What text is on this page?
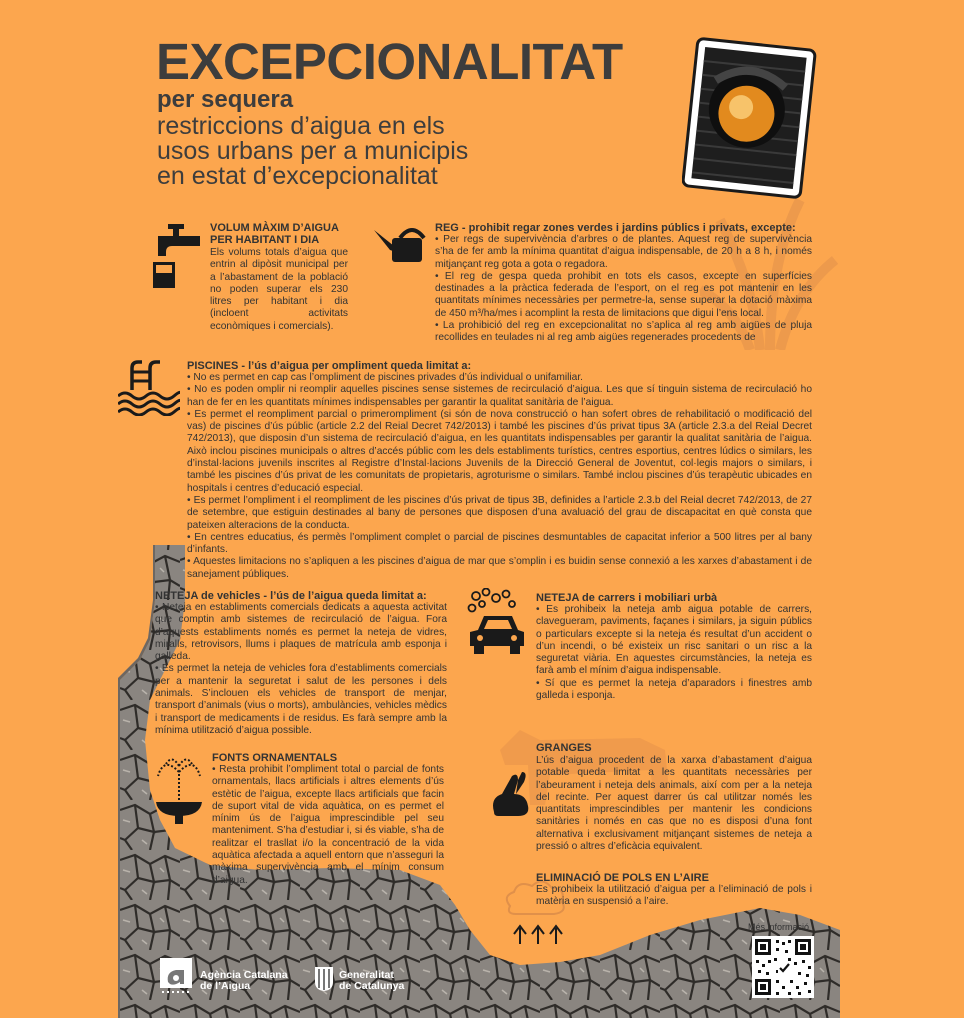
EXCEPCIONALITAT
per sequera
restriccions d’aigua en els
usos urbans per a municipis
en estat d’excepcionalitat
VOLUM MÀXIM D’AIGUA
PER HABITANT I DIA
Els volums totals d’aigua que entrin al dipòsit municipal per a l’abastament de la població no poden superar els 230 litres per habitant i dia (incloent activitats econòmiques i comercials).
REG - prohibit regar zones verdes i jardins públics i privats, excepte:

• Per regs de supervivència d’arbres o de plantes. Aquest reg de supervivència s’ha de fer amb la mínima quantitat d’aigua indispensable, de 20 h a 8 h, i només mitjançant reg gota a gota o regadora.

• El reg de gespa queda prohibit en tots els casos, excepte en superfícies destinades a la pràctica federada de l’esport, on el reg es pot mantenir en les quantitats mínimes necessàries per permetre-la, sense superar la dotació màxima de 450 m³/ha/mes i acomplint la resta de limitacions que digui l’ens local.

• La prohibició del reg en excepcionalitat no s’aplica al reg amb aigües de pluja recollides en teulades ni al reg amb aigües regenerades procedents de

PISCINES - l’ús d’aigua per ompliment queda limitat a:

• No es permet en cap cas l’ompliment de piscines privades d’ús individual o unifamiliar.

• No es poden omplir ni reomplir aquelles piscines sense sistemes de recirculació d’aigua. Les que sí tinguin sistema de recirculació ho han de fer en les quantitats mínimes indispensables per garantir la qualitat sanitària de l’aigua.

• Es permet el reompliment parcial o primerompliment (si són de nova construcció o han sofert obres de rehabilitació o modificació del vas) de piscines d’ús públic (article 2.2 del Reial Decret 742/2013) i també les piscines d’ús privat tipus 3A (article 2.3.a del Reial Decret 742/2013), que disposin d’un sistema de recirculació d’aigua, en les quantitats indispensables per garantir la qualitat sanitària de l’aigua. Això inclou piscines municipals o altres d’accés públic com les dels establiments turístics, centres esportius, centres lúdics o similars, les d’instal·lacions juvenils inscrites al Registre d’Instal·lacions Juvenils de la Direcció General de Joventut, col·legis majors o similars, i també les piscines d’ús privat de les comunitats de propietaris, agroturisme o similars. També inclou piscines d’ús terapèutic ubicades en hospitals i centres d’educació especial.

• Es permet l’ompliment i el reompliment de les piscines d’ús privat de tipus 3B, definides a l’article 2.3.b del Reial decret 742/2013, de 27 de setembre, que estiguin destinades al bany de persones que disposen d’una avaluació del grau de discapacitat en què consta que pateixen alteracions de la conducta.

• En centres educatius, és permès l’ompliment complet o parcial de piscines desmuntables de capacitat inferior a 500 litres per al bany d’infants.

• Aquestes limitacions no s’apliquen a les piscines d’aigua de mar que s’omplin i es buidin sense connexió a les xarxes d’abastament i de sanejament públiques.

NETEJA de vehicles - l’ús de l’aigua queda limitat a:

• Neteja en establiments comercials dedicats a aquesta activitat que comptin amb sistemes de recirculació de l’aigua. Fora d’aquests establiments només es permet la neteja de vidres, miralls, retrovisors, llums i plaques de matrícula amb esponja i galleda.

• Es permet la neteja de vehicles fora d’establiments comercials per a mantenir la seguretat i salut de les persones i dels animals. S’inclouen els vehicles de transport de menjar, transport d’animals (vius o morts), ambulàncies, vehicles mèdics i transport de medicaments i de residus. Es farà sempre amb la mínima utilització d’aigua possible.

NETEJA de carrers i mobiliari urbà

• Es prohibeix la neteja amb aigua potable de carrers, clavegueram, paviments, façanes i similars, ja siguin públics o particulars excepte si la neteja és resultat d’un accident o d’un incendi, o bé existeix un risc sanitari o un risc a la seguretat viària. En aquestes circumstàncies, la neteja es farà amb el mínim d’aigua indispensable.

• Sí que es permet la neteja d’aparadors i finestres amb galleda i esponja.

FONTS ORNAMENTALS
• Resta prohibit l’ompliment total o parcial de fonts ornamentals, llacs artificials i altres elements d’ús estètic de l’aigua, excepte llacs artificials que facin de suport vital de vida aquàtica, on es permet el mínim ús de l’aigua imprescindible pel seu manteniment. S’ha d’estudiar i, si és viable, s’ha de realitzar el trasllat i/o la concentració de la vida aquàtica afectada a aquell entorn que n’asseguri la màxima supervivència amb el mínim consum d’aigua.
GRANGES
L’ús d’aigua procedent de la xarxa d’abastament d’aigua potable queda limitat a les quantitats necessàries per l’abeurament i neteja dels animals, així com per a la neteja del recinte. Per aquest darrer ús cal utilitzar només les quantitats imprescindibles per mantenir les condicions sanitàries i només en cas que no es disposi d’una font alternativa i exclusivament mitjançant sistemes de neteja a pressió o altres d’eficàcia equivalent.
ELIMINACIÓ DE POLS EN L’AIRE
Es prohibeix la utilització d’aigua per a l’eliminació de pols i matèria en suspensió a l’aire.
Més informació
Agència Catalana
de l’Aigua
Generalitat
de Catalunya
